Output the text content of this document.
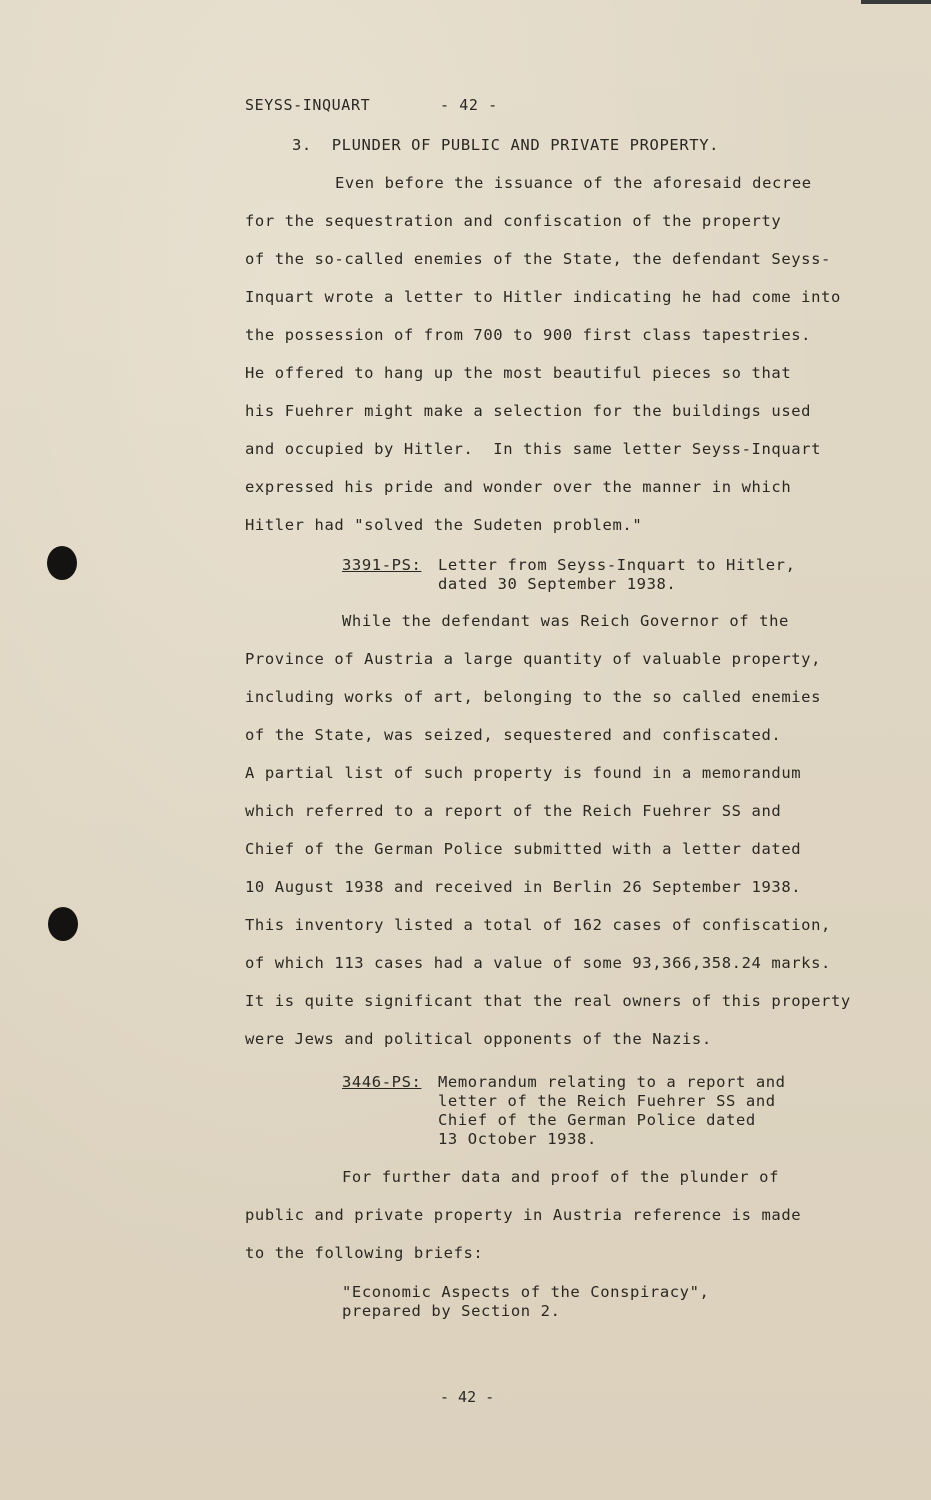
SEYSS-INQUART	- 42 -
3.  PLUNDER OF PUBLIC AND PRIVATE PROPERTY.
Even before the issuance of the aforesaid decree
for the sequestration and confiscation of the property
of the so-called enemies of the State, the defendant Seyss-
Inquart wrote a letter to Hitler indicating he had come into
the possession of from 700 to 900 first class tapestries.
He offered to hang up the most beautiful pieces so that
his Fuehrer might make a selection for the buildings used
and occupied by Hitler.  In this same letter Seyss-Inquart
expressed his pride and wonder over the manner in which
Hitler had "solved the Sudeten problem."
3391-PS: Letter from Seyss-Inquart to Hitler,
dated 30 September 1938.
While the defendant was Reich Governor of the
Province of Austria a large quantity of valuable property,
including works of art, belonging to the so called enemies
of the State, was seized, sequestered and confiscated.
A partial list of such property is found in a memorandum
which referred to a report of the Reich Fuehrer SS and
Chief of the German Police submitted with a letter dated
10 August 1938 and received in Berlin 26 September 1938.
This inventory listed a total of 162 cases of confiscation,
of which 113 cases had a value of some 93,366,358.24 marks.
It is quite significant that the real owners of this property
were Jews and political opponents of the Nazis.
3446-PS: Memorandum relating to a report and
letter of the Reich Fuehrer SS and
Chief of the German Police dated
13 October 1938.
For further data and proof of the plunder of
public and private property in Austria reference is made
to the following briefs:
"Economic Aspects of the Conspiracy",
prepared by Section 2.
- 42 -
